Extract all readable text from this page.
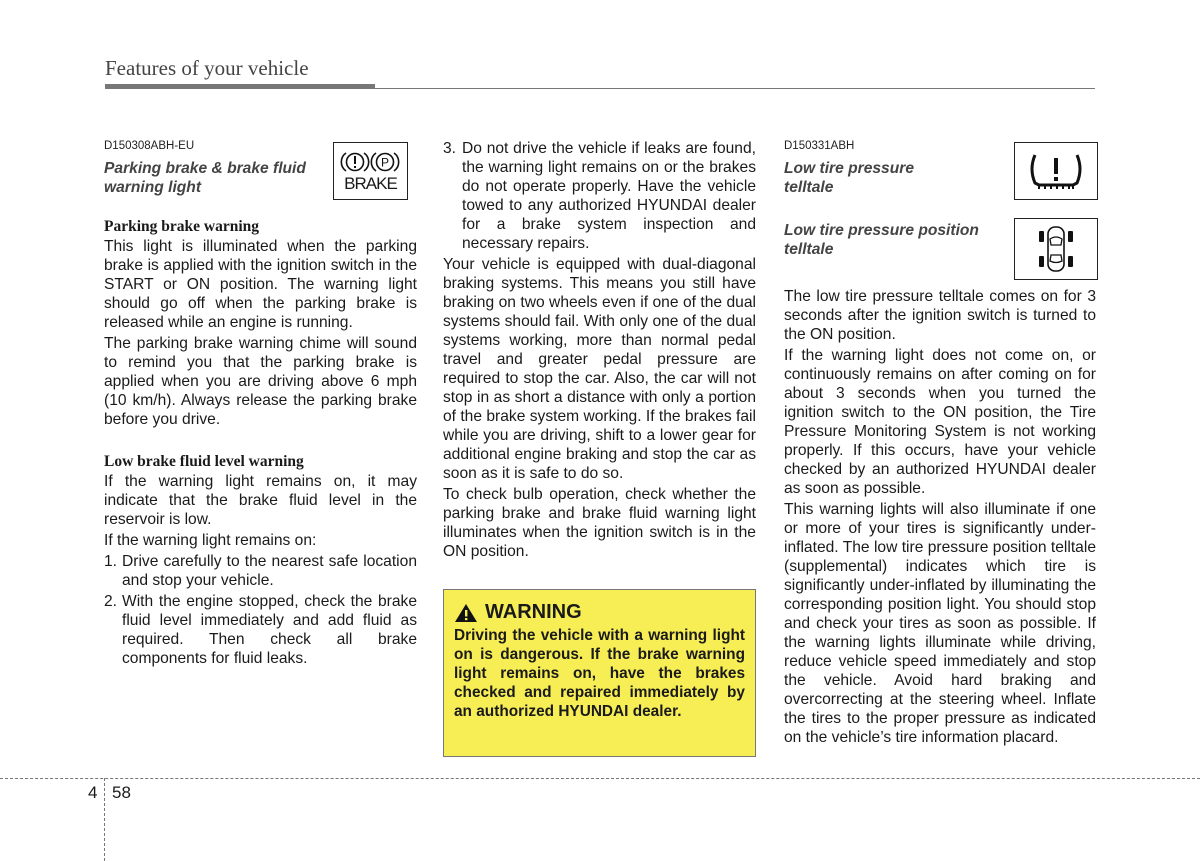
Features of your vehicle
P
BRAKE

D150308ABH-EU

Parking brake & brake fluid
warning light

Parking brake warning

This light is illuminated when the parking brake is applied with the ignition switch in the START or ON position. The warning light should go off when the parking brake is released while an engine is running.

The parking brake warning chime will sound to remind you that the parking brake is applied when you are driving above 6 mph (10 km/h). Always release the parking brake before you drive.

Low brake fluid level warning

If the warning light remains on, it may indicate that the brake fluid level in the reservoir is low.

If the warning light remains on:

1. Drive carefully to the nearest safe location and stop your vehicle.

2. With the engine stopped, check the brake fluid level immediately and add fluid as required. Then check all brake components for fluid leaks.

3. Do not drive the vehicle if leaks are found, the warning light remains on or the brakes do not operate properly. Have the vehicle towed to any authorized HYUNDAI dealer for a brake system inspection and necessary repairs.

Your vehicle is equipped with dual-diagonal braking systems. This means you still have braking on two wheels even if one of the dual systems should fail. With only one of the dual systems working, more than normal pedal travel and greater pedal pressure are required to stop the car. Also, the car will not stop in as short a distance with only a portion of the brake system working. If the brakes fail while you are driving, shift to a lower gear for additional engine braking and stop the car as soon as it is safe to do so.

To check bulb operation, check whether the parking brake and brake fluid warning light illuminates when the ignition switch is in the ON position.

WARNING
Driving the vehicle with a warning light on is dangerous. If the brake warning light remains on, have the brakes checked and repaired immediately by an authorized HYUNDAI dealer.

D150331ABH

Low tire pressure
telltale

Low tire pressure position
telltale

The low tire pressure telltale comes on for 3 seconds after the ignition switch is turned to the ON position.

If the warning light does not come on, or continuously remains on after coming on for about 3 seconds when you turned the ignition switch to the ON position, the Tire Pressure Monitoring System is not working properly. If this occurs, have your vehicle checked by an authorized HYUNDAI dealer as soon as possible.

This warning lights will also illuminate if one or more of your tires is significantly under-inflated. The low tire pressure position telltale (supplemental) indicates which tire is significantly under-inflated by illuminating the corresponding position light. You should stop and check your tires as soon as possible. If the warning lights illuminate while driving, reduce vehicle speed immediately and stop the vehicle. Avoid hard braking and overcorrecting at the steering wheel. Inflate the tires to the proper pressure as indicated on the vehicle’s tire information placard.

4 58
